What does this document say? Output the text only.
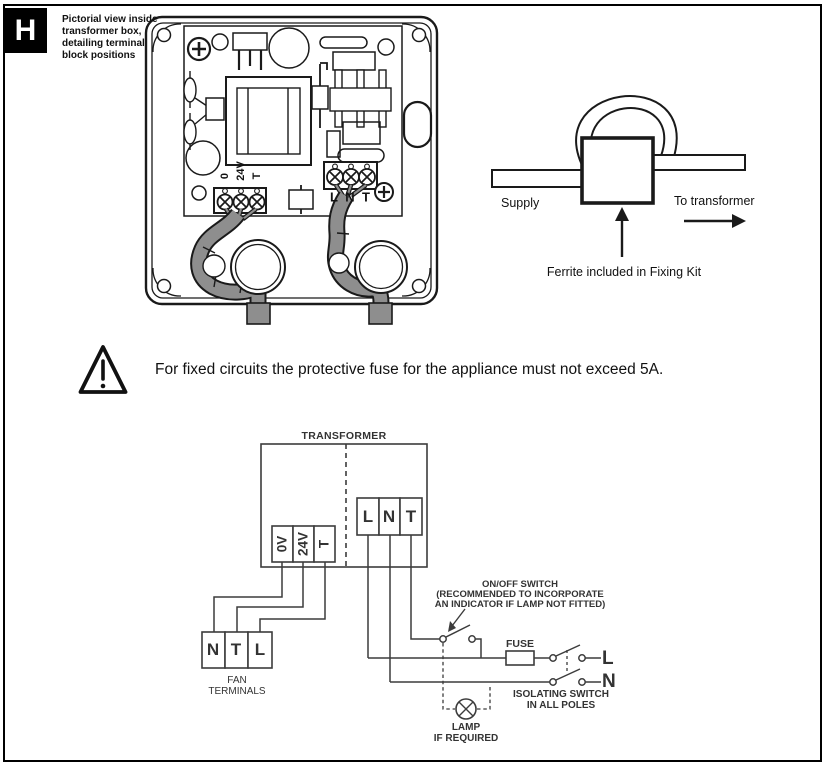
H	Pictorial view inside transformer box, detailing terminal block positions
0 24V T
L N T	Supply	To transformer
Ferrite included in Fixing Kit
For fixed circuits the protective fuse for the appliance must not exceed 5A.
TRANSFORMER
0V 24V T
L N T
N T L
FAN
TERMINALS
ON/OFF SWITCH
(RECOMMENDED TO INCORPORATE
AN INDICATOR IF LAMP NOT FITTED)
FUSE
L
N
ISOLATING SWITCH
IN ALL POLES
LAMP
IF REQUIRED
